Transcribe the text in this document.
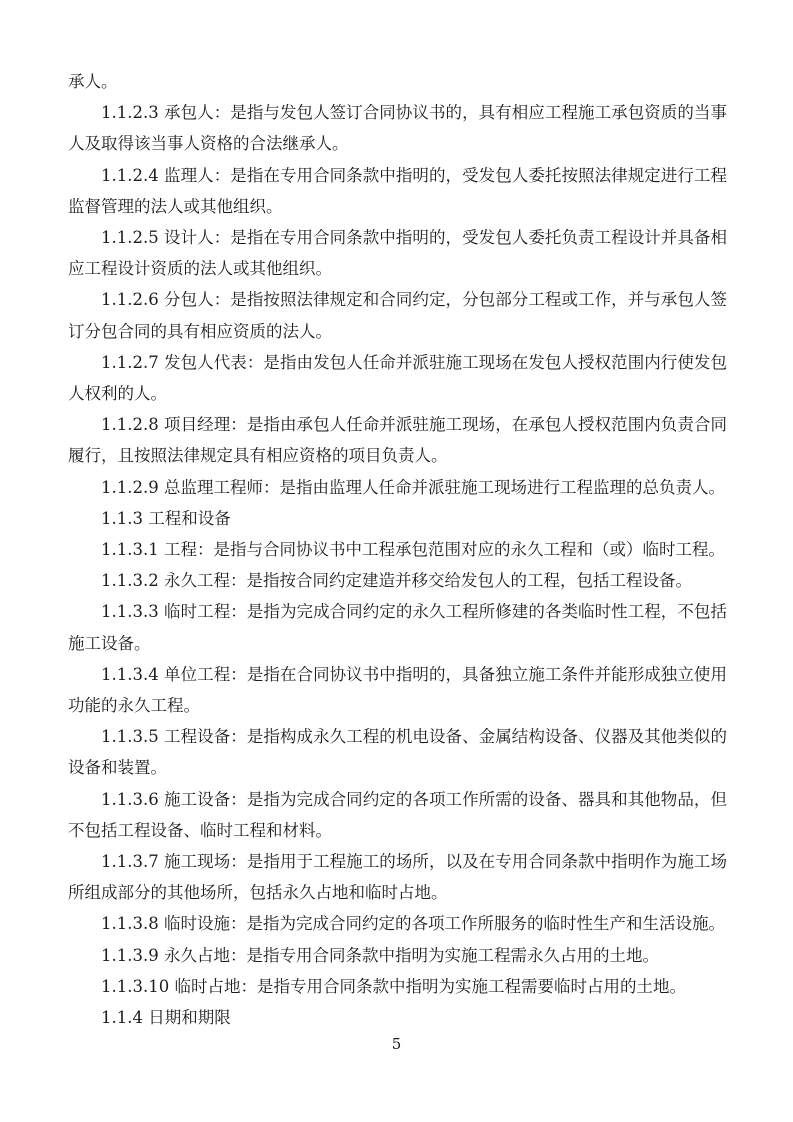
承人。

1.1.2.3 承包人：是指与发包人签订合同协议书的，具有相应工程施工承包资质的当事人及取得该当事人资格的合法继承人。

1.1.2.4 监理人：是指在专用合同条款中指明的，受发包人委托按照法律规定进行工程监督管理的法人或其他组织。

1.1.2.5 设计人：是指在专用合同条款中指明的，受发包人委托负责工程设计并具备相应工程设计资质的法人或其他组织。

1.1.2.6 分包人：是指按照法律规定和合同约定，分包部分工程或工作，并与承包人签订分包合同的具有相应资质的法人。

1.1.2.7 发包人代表：是指由发包人任命并派驻施工现场在发包人授权范围内行使发包人权利的人。

1.1.2.8 项目经理：是指由承包人任命并派驻施工现场，在承包人授权范围内负责合同履行，且按照法律规定具有相应资格的项目负责人。

1.1.2.9 总监理工程师：是指由监理人任命并派驻施工现场进行工程监理的总负责人。

1.1.3 工程和设备

1.1.3.1 工程：是指与合同协议书中工程承包范围对应的永久工程和（或）临时工程。

1.1.3.2 永久工程：是指按合同约定建造并移交给发包人的工程，包括工程设备。

1.1.3.3 临时工程：是指为完成合同约定的永久工程所修建的各类临时性工程，不包括施工设备。

1.1.3.4 单位工程：是指在合同协议书中指明的，具备独立施工条件并能形成独立使用功能的永久工程。

1.1.3.5 工程设备：是指构成永久工程的机电设备、金属结构设备、仪器及其他类似的设备和装置。

1.1.3.6 施工设备：是指为完成合同约定的各项工作所需的设备、器具和其他物品，但不包括工程设备、临时工程和材料。

1.1.3.7 施工现场：是指用于工程施工的场所，以及在专用合同条款中指明作为施工场所组成部分的其他场所，包括永久占地和临时占地。

1.1.3.8 临时设施：是指为完成合同约定的各项工作所服务的临时性生产和生活设施。

1.1.3.9 永久占地：是指专用合同条款中指明为实施工程需永久占用的土地。

1.1.3.10 临时占地：是指专用合同条款中指明为实施工程需要临时占用的土地。

1.1.4 日期和期限

5
